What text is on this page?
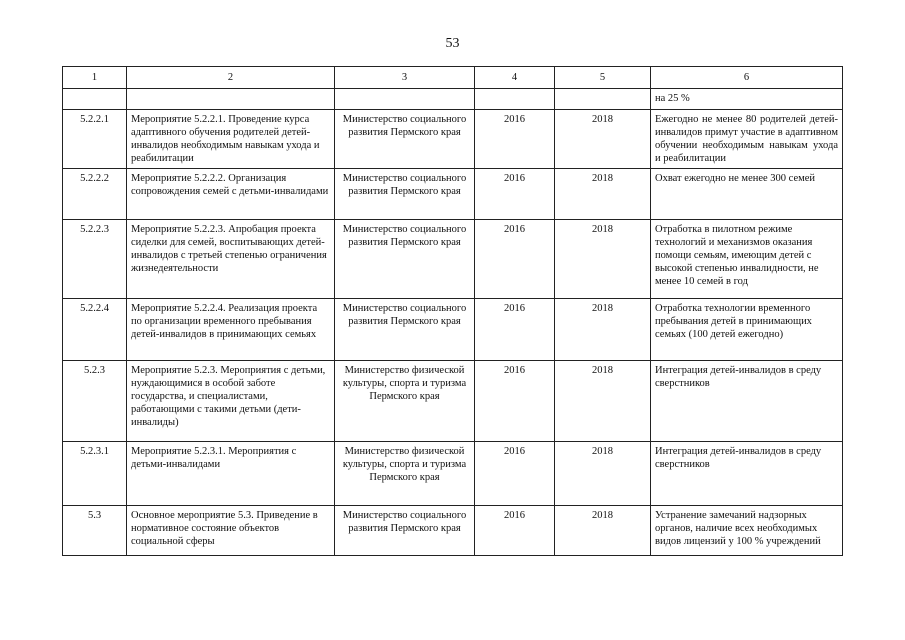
53
1	2	3	4	5	6
					на 25 %
5.2.2.1	Мероприятие 5.2.2.1. Проведение курса адаптивного обучения родителей детей-инвалидов необходимым навыкам ухода и реабилитации	Министерство социального развития Пермского края	2016	2018	Ежегодно не менее 80 родителей детей-инвалидов примут участие в адаптивном обучении необходимым навыкам ухода и реабилитации
5.2.2.2	Мероприятие 5.2.2.2. Организация сопровождения семей с детьми-инвалидами	Министерство социального развития Пермского края	2016	2018	Охват ежегодно не менее 300 семей
5.2.2.3	Мероприятие 5.2.2.3. Апробация проекта сиделки для семей, воспитывающих детей-инвалидов с третьей степенью ограничения жизнедеятельности	Министерство социального развития Пермского края	2016	2018	Отработка в пилотном режиме технологий и механизмов оказания помощи семьям, имеющим детей с высокой степенью инвалидности, не менее 10 семей в год
5.2.2.4	Мероприятие 5.2.2.4. Реализация проекта по организации временного пребывания детей-инвалидов в принимающих семьях	Министерство социального развития Пермского края	2016	2018	Отработка технологии временного пребывания детей в принимающих семьях (100 детей ежегодно)
5.2.3	Мероприятие 5.2.3. Мероприятия с детьми, нуждающимися в особой заботе государства, и специалистами, работающими с такими детьми (дети-инвалиды)	Министерство физической культуры, спорта и туризма Пермского края	2016	2018	Интеграция детей-инвалидов в среду сверстников
5.2.3.1	Мероприятие 5.2.3.1. Мероприятия с детьми-инвалидами	Министерство физической культуры, спорта и туризма Пермского края	2016	2018	Интеграция детей-инвалидов в среду сверстников
5.3	Основное мероприятие 5.3. Приведение в нормативное состояние объектов социальной сферы	Министерство социального развития Пермского края	2016	2018	Устранение замечаний надзорных органов, наличие всех необходимых видов лицензий у 100 % учреждений
